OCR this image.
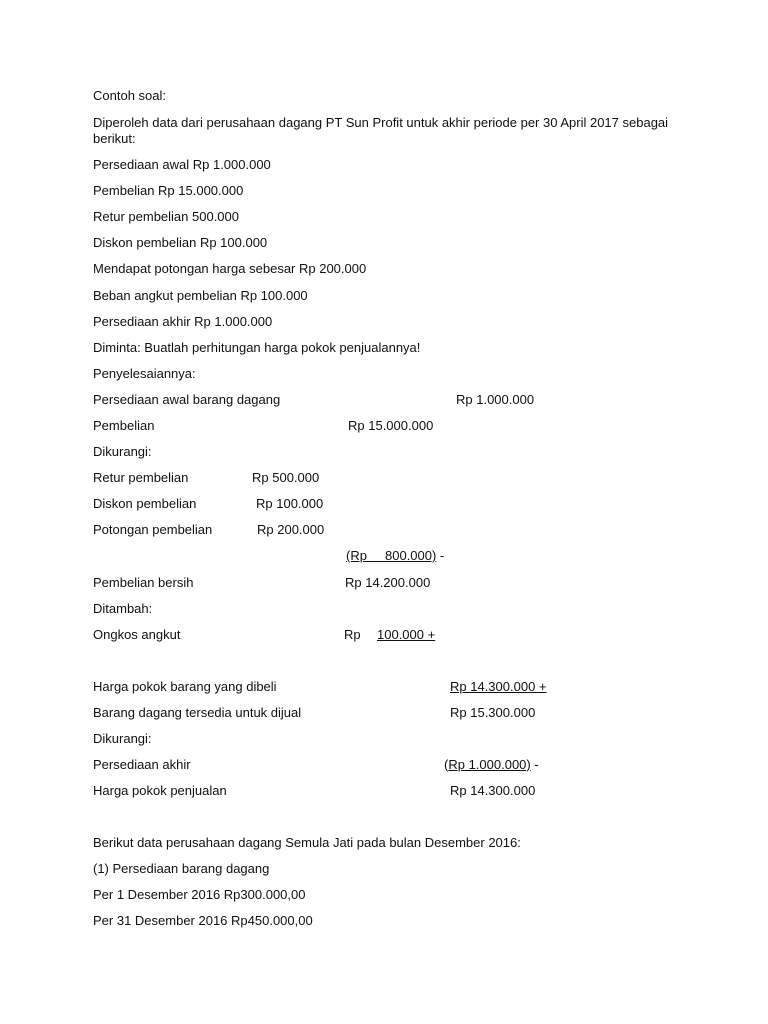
Contoh soal:
Diperoleh data dari perusahaan dagang PT Sun Profit untuk akhir periode per 30 April 2017 sebagai
berikut:
Persediaan awal Rp 1.000.000
Pembelian Rp 15.000.000
Retur pembelian 500.000
Diskon pembelian Rp 100.000
Mendapat potongan harga sebesar Rp 200.000
Beban angkut pembelian Rp 100.000
Persediaan akhir Rp 1.000.000
Diminta: Buatlah perhitungan harga pokok penjualannya!
Penyelesaiannya:
Persediaan awal barang dagang	Rp 1.000.000
Pembelian	Rp 15.000.000
Dikurangi:
Retur pembelian	Rp 500.000
Diskon pembelian	Rp 100.000
Potongan pembelian	Rp 200.000
(Rp     800.000) -
Pembelian bersih	Rp 14.200.000
Ditambah:
Ongkos angkut	Rp 100.000 +
Harga pokok barang yang dibeli	Rp 14.300.000 +
Barang dagang tersedia untuk dijual	Rp 15.300.000
Dikurangi:
Persediaan akhir	(Rp 1.000.000) -
Harga pokok penjualan	Rp 14.300.000
Berikut data perusahaan dagang Semula Jati pada bulan Desember 2016:
(1) Persediaan barang dagang
Per 1 Desember 2016 Rp300.000,00
Per 31 Desember 2016 Rp450.000,00
